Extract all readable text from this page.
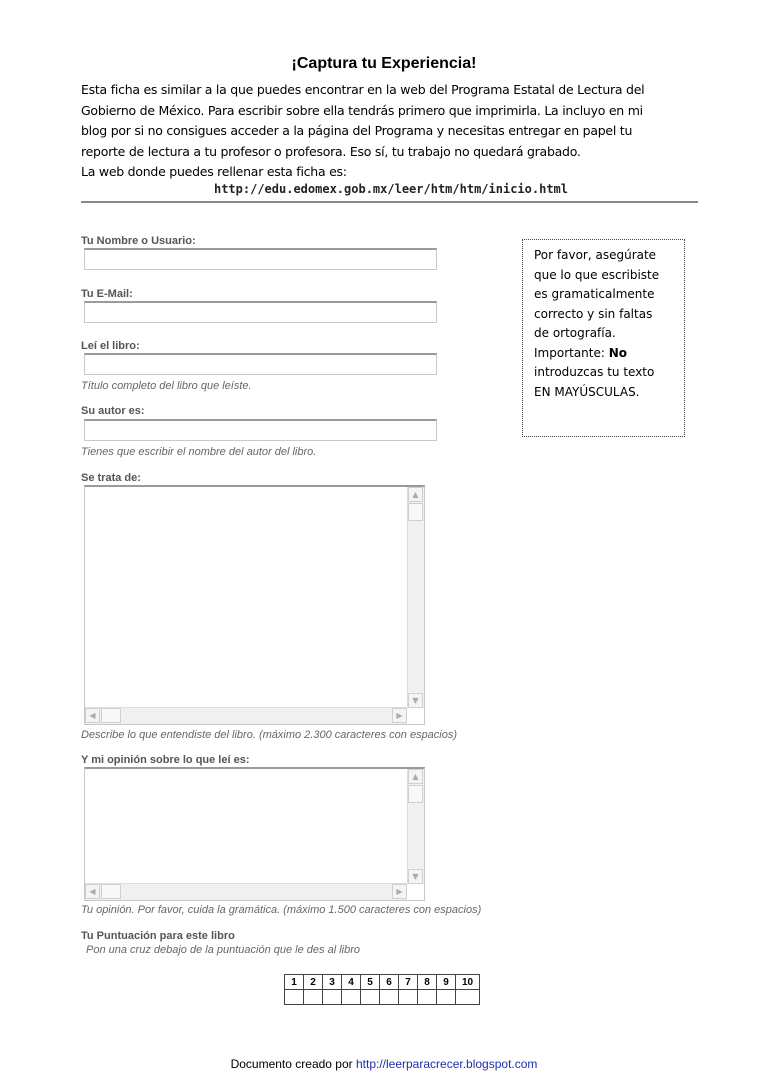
¡Captura tu Experiencia!
Esta ficha es similar a la que puedes encontrar en la web del Programa Estatal de Lectura del
Gobierno de México. Para escribir sobre ella tendrás primero que imprimirla. La incluyo en mi
blog por si no consigues acceder a la página del Programa y necesitas entregar en papel tu
reporte de lectura a tu profesor o profesora. Eso sí, tu trabajo no quedará grabado.
La web donde puedes rellenar esta ficha es:
http://edu.edomex.gob.mx/leer/htm/htm/inicio.html
Tu Nombre o Usuario:
Tu E-Mail:
Leí el libro:
Título completo del libro que leíste.
Su autor es:
Tienes que escribir el nombre del autor del libro.
Se trata de:
▲
▼
◀	▶
Describe lo que entendiste del libro. (máximo 2.300 caracteres con espacios)
Y mi opinión sobre lo que leí es:
▲
▼
◀	▶
Tu opinión. Por favor, cuida la gramática. (máximo 1.500 caracteres con espacios)
Tu Puntuación para este libro
Pon una cruz debajo de la puntuación que le des al libro
1	2	3	4	5	6	7	8	9	10

Por favor, asegúrate
que lo que escribiste
es gramaticalmente
correcto y sin faltas
de ortografía.
Importante: No
introduzcas tu texto
EN MAYÚSCULAS.
Documento creado por http://leerparacrecer.blogspot.com
